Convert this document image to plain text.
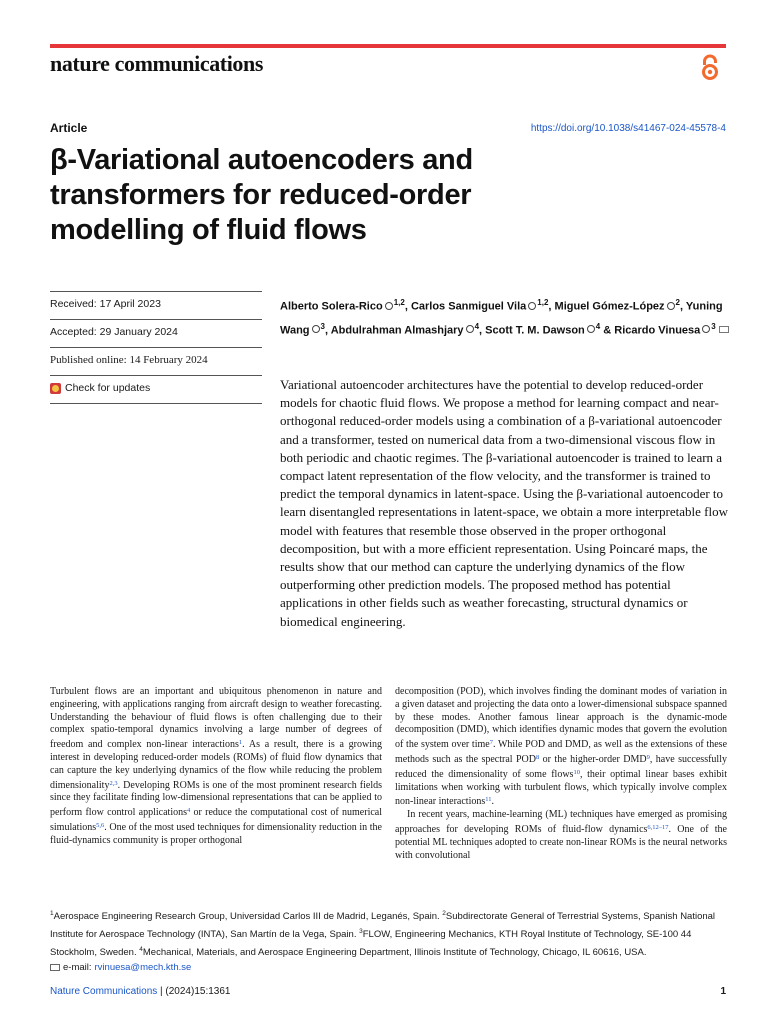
nature communications
Article	https://doi.org/10.1038/s41467-024-45578-4
β-Variational autoencoders and transformers for reduced-order modelling of fluid flows
Received: 17 April 2023
Accepted: 29 January 2024
Published online: 14 February 2024
Check for updates
Alberto Solera-Rico $^{1,2}$, Carlos Sanmiguel Vila $^{1,2}$, Miguel Gómez-López $^2$, Yuning Wang $^3$, Abdulrahman Almashjary $^4$, Scott T. M. Dawson $^4$ & Ricardo Vinuesa $^3$
Variational autoencoder architectures have the potential to develop reduced-order models for chaotic fluid flows. We propose a method for learning compact and near-orthogonal reduced-order models using a combination of a β-variational autoencoder and a transformer, tested on numerical data from a two-dimensional viscous flow in both periodic and chaotic regimes. The β-variational autoencoder is trained to learn a compact latent representation of the flow velocity, and the transformer is trained to predict the temporal dynamics in latent-space. Using the β-variational autoencoder to learn disentangled representations in latent-space, we obtain a more interpretable flow model with features that resemble those observed in the proper orthogonal decomposition, but with a more efficient representation. Using Poincaré maps, the results show that our method can capture the underlying dynamics of the flow outperforming other prediction models. The proposed method has potential applications in other fields such as weather forecasting, structural dynamics or biomedical engineering.

Turbulent flows are an important and ubiquitous phenomenon in nature and engineering, with applications ranging from aircraft design to weather forecasting. Understanding the behaviour of fluid flows is often challenging due to their complex spatio-temporal dynamics involving a large number of degrees of freedom and complex non-linear interactions$^1$. As a result, there is a growing interest in developing reduced-order models (ROMs) of fluid flow dynamics that can capture the key underlying dynamics of the flow while reducing the problem dimensionality$^{2,3}$. Developing ROMs is one of the most prominent research fields since they facilitate finding low-dimensional representations that can be applied to perform flow control applications$^4$ or reduce the computational cost of numerical simulations$^{5,6}$. One of the most used techniques for dimensionality reduction in the fluid-dynamics community is proper orthogonal

decomposition (POD), which involves finding the dominant modes of variation in a given dataset and projecting the data onto a lower-dimensional subspace spanned by these modes. Another famous linear approach is the dynamic-mode decomposition (DMD), which identifies dynamic modes that govern the evolution of the system over time$^7$. While POD and DMD, as well as the extensions of these methods such as the spectral POD$^8$ or the higher-order DMD$^9$, have successfully reduced the dimensionality of some flows$^{10}$, their optimal linear bases exhibit limitations when working with turbulent flows, which typically involve complex non-linear interactions$^{11}$.

In recent years, machine-learning (ML) techniques have emerged as promising approaches for developing ROMs of fluid-flow dynamics$^{6,12-17}$. One of the potential ML techniques adopted to create non-linear ROMs is the neural networks with convolutional

$^1$Aerospace Engineering Research Group, Universidad Carlos III de Madrid, Leganés, Spain. $^2$Subdirectorate General of Terrestrial Systems, Spanish National Institute for Aerospace Technology (INTA), San Martín de la Vega, Spain. $^3$FLOW, Engineering Mechanics, KTH Royal Institute of Technology, SE-100 44 Stockholm, Sweden. $^4$Mechanical, Materials, and Aerospace Engineering Department, Illinois Institute of Technology, Chicago, IL 60616, USA.
e-mail: rvinuesa@mech.kth.se
Nature Communications | (2024)15:1361	1
